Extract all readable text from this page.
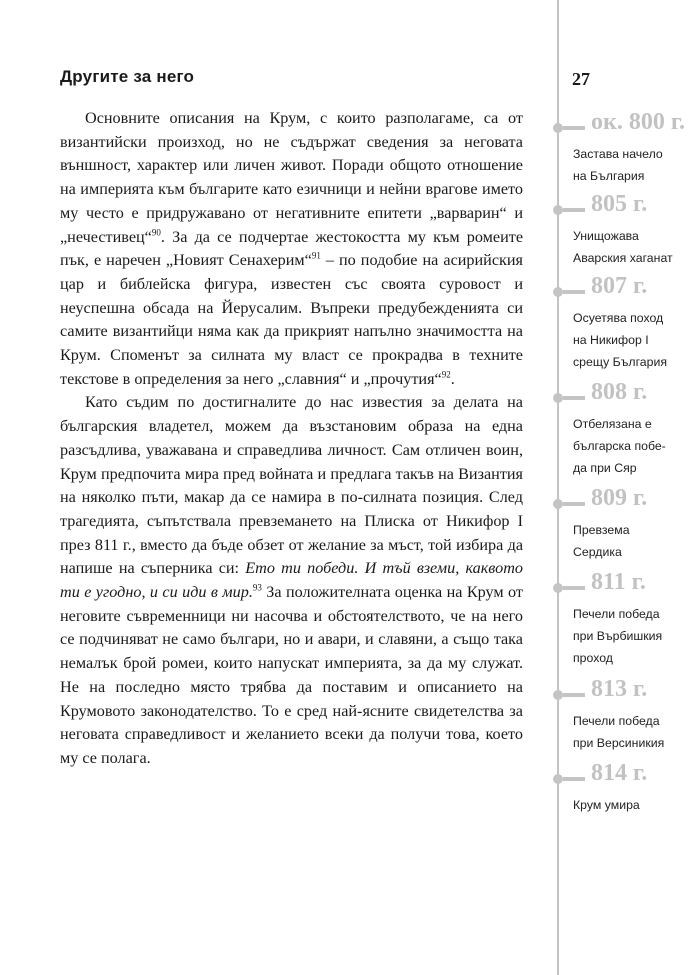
Другите за него	27

Основните описания на Крум, с които разполагаме, са от византийски произход, но не съдържат сведения за неговата външност, характер или личен живот. Поради общото отношение на империята към българите като езичници и нейни врагове името му често е придружавано от негативните епитети „варварин“ и „нечестивец“$^{90}$. За да се подчертае жестокостта му към ромеите пък, е наречен „Новият Сенахерим“$^{91}$ – по подобие на асирийския цар и библейска фигура, известен със своята суровост и неуспешна обсада на Йерусалим. Въпреки предубежденията си самите византийци няма как да прикрият напълно значимостта на Крум. Споменът за силната му власт се прокрадва в техните текстове в определения за него „славния“ и „прочутия“$^{92}$.

Като съдим по достигналите до нас известия за делата на българския владетел, можем да възстановим образа на една разсъдлива, уважавана и справедлива личност. Сам отличен воин, Крум предпочита мира пред войната и предлага такъв на Византия на няколко пъти, макар да се намира в по-силната позиция. След трагедията, съпътствала превземането на Плиска от Никифор I през 811 г., вместо да бъде обзет от желание за мъст, той избира да напише на съперника си: Ето ти победи. И тъй вземи, каквото ти е угодно, и си иди в мир.$^{93}$ За положителната оценка на Крум от неговите съвременници ни насочва и обстоятелството, че на него се подчиняват не само българи, но и авари, и славяни, а също така немалък брой ромеи, които напускат империята, за да му служат. Не на последно място трябва да поставим и описанието на Крумовото законодателство. То е сред най-ясните свидетелства за неговата справедливост и желанието всеки да получи това, което му се полага.

ок. 800 г.
Застава начело
на България
805 г.
Унищожава
Аварския хаганат
807 г.
Осуетява поход
на Никифор I
срещу България
808 г.
Отбелязана е
българска побе-
да при Сяр
809 г.
Превзема
Сердика
811 г.
Печели победа
при Върбишкия
проход
813 г.
Печели победа
при Версиникия
814 г.
Крум умира
